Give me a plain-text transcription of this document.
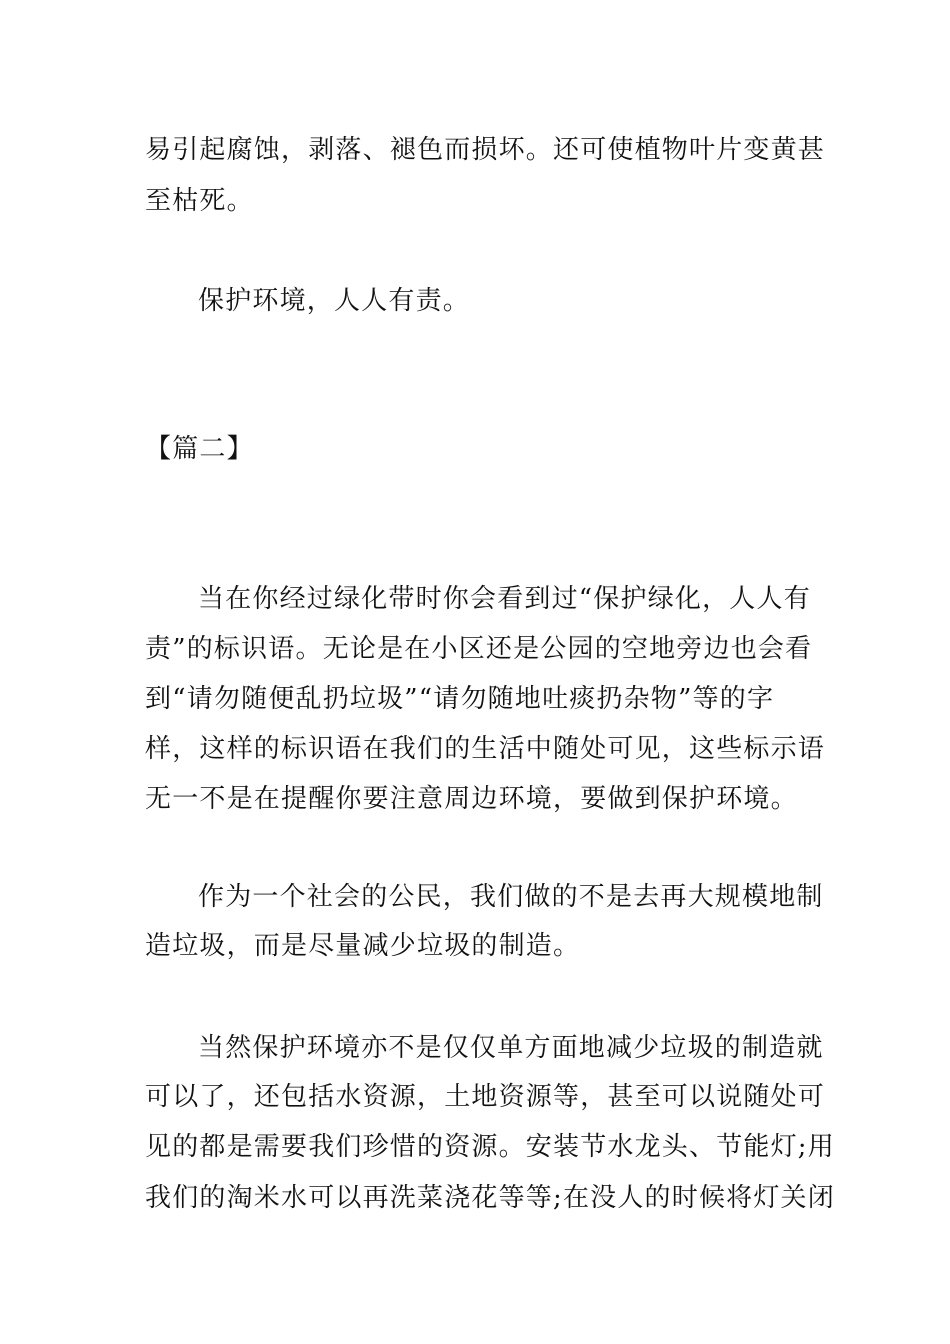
易引起腐蚀，剥落、褪色而损坏。还可使植物叶片变黄甚
至枯死。
保护环境，人人有责。
【篇二】
当在你经过绿化带时你会看到过“保护绿化，人人有
责”的标识语。无论是在小区还是公园的空地旁边也会看
到“请勿随便乱扔垃圾”“请勿随地吐痰扔杂物”等的字
样，这样的标识语在我们的生活中随处可见，这些标示语
无一不是在提醒你要注意周边环境，要做到保护环境。
作为一个社会的公民，我们做的不是去再大规模地制
造垃圾，而是尽量减少垃圾的制造。
当然保护环境亦不是仅仅单方面地减少垃圾的制造就
可以了，还包括水资源，土地资源等，甚至可以说随处可
见的都是需要我们珍惜的资源。安装节水龙头、节能灯;用
我们的淘米水可以再洗菜浇花等等;在没人的时候将灯关闭
